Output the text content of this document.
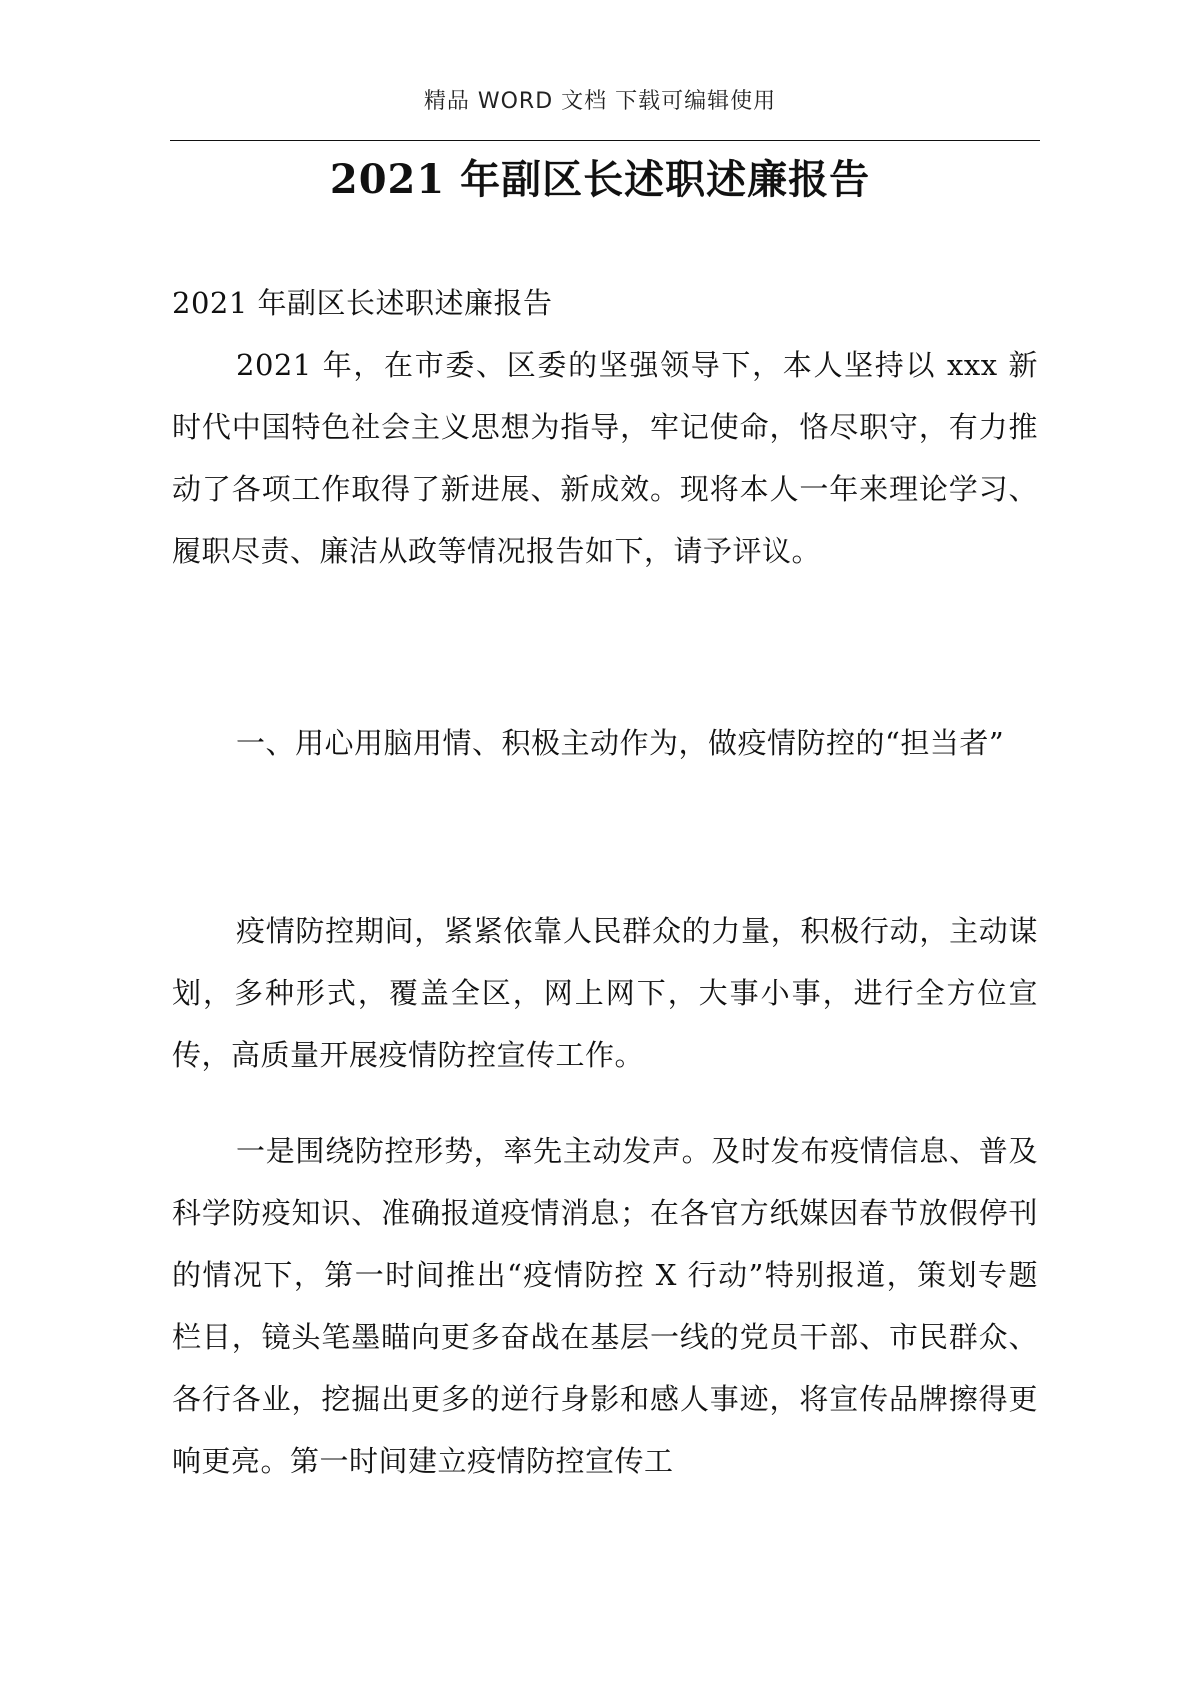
精品 WORD 文档 下载可编辑使用
2021 年副区长述职述廉报告

2021 年副区长述职述廉报告

2021 年，在市委、区委的坚强领导下，本人坚持以 xxx 新时代中国特色社会主义思想为指导，牢记使命，恪尽职守，有力推动了各项工作取得了新进展、新成效。现将本人一年来理论学习、履职尽责、廉洁从政等情况报告如下，请予评议。

一、用心用脑用情、积极主动作为，做疫情防控的“担当者”

疫情防控期间，紧紧依靠人民群众的力量，积极行动，主动谋划，多种形式，覆盖全区，网上网下，大事小事，进行全方位宣传，高质量开展疫情防控宣传工作。

一是围绕防控形势，率先主动发声。及时发布疫情信息、普及科学防疫知识、准确报道疫情消息；在各官方纸媒因春节放假停刊的情况下，第一时间推出“疫情防控 X 行动”特别报道，策划专题栏目，镜头笔墨瞄向更多奋战在基层一线的党员干部、市民群众、各行各业，挖掘出更多的逆行身影和感人事迹，将宣传品牌擦得更响更亮。第一时间建立疫情防控宣传工
